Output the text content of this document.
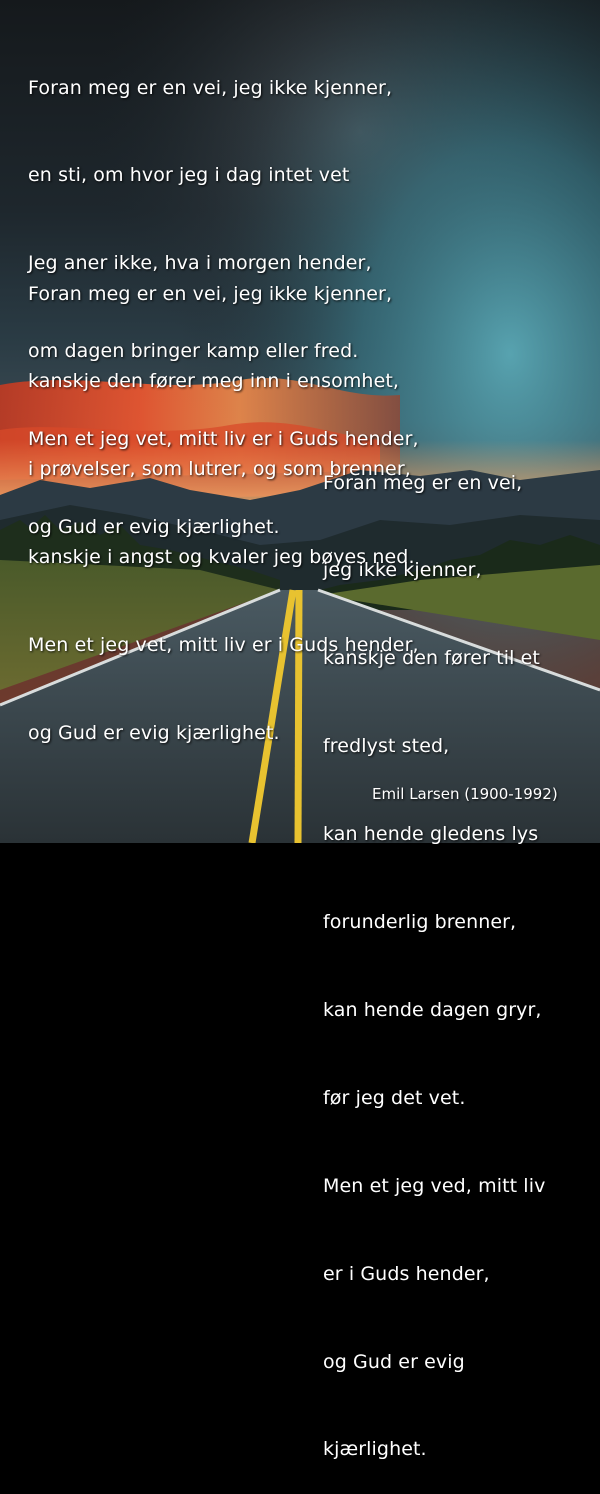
Foran meg er en vei, jeg ikke kjenner,

en sti, om hvor jeg i dag intet vet

Jeg aner ikke, hva i morgen hender,

om dagen bringer kamp eller fred.

Men et jeg vet, mitt liv er i Guds hender,

og Gud er evig kjærlighet.

Foran meg er en vei, jeg ikke kjenner,

kanskje den fører meg inn i ensomhet,

i prøvelser, som lutrer, og som brenner,

kanskje i angst og kvaler jeg bøyes ned.

Men et jeg vet, mitt liv er i Guds hender,

og Gud er evig kjærlighet.

Foran meg er en vei,

jeg ikke kjenner,

kanskje den fører til et

fredlyst sted,

kan hende gledens lys

forunderlig brenner,

kan hende dagen gryr,

før jeg det vet.

Men et jeg ved, mitt liv

er i Guds hender,

og Gud er evig

kjærlighet.

Emil Larsen (1900-1992)
